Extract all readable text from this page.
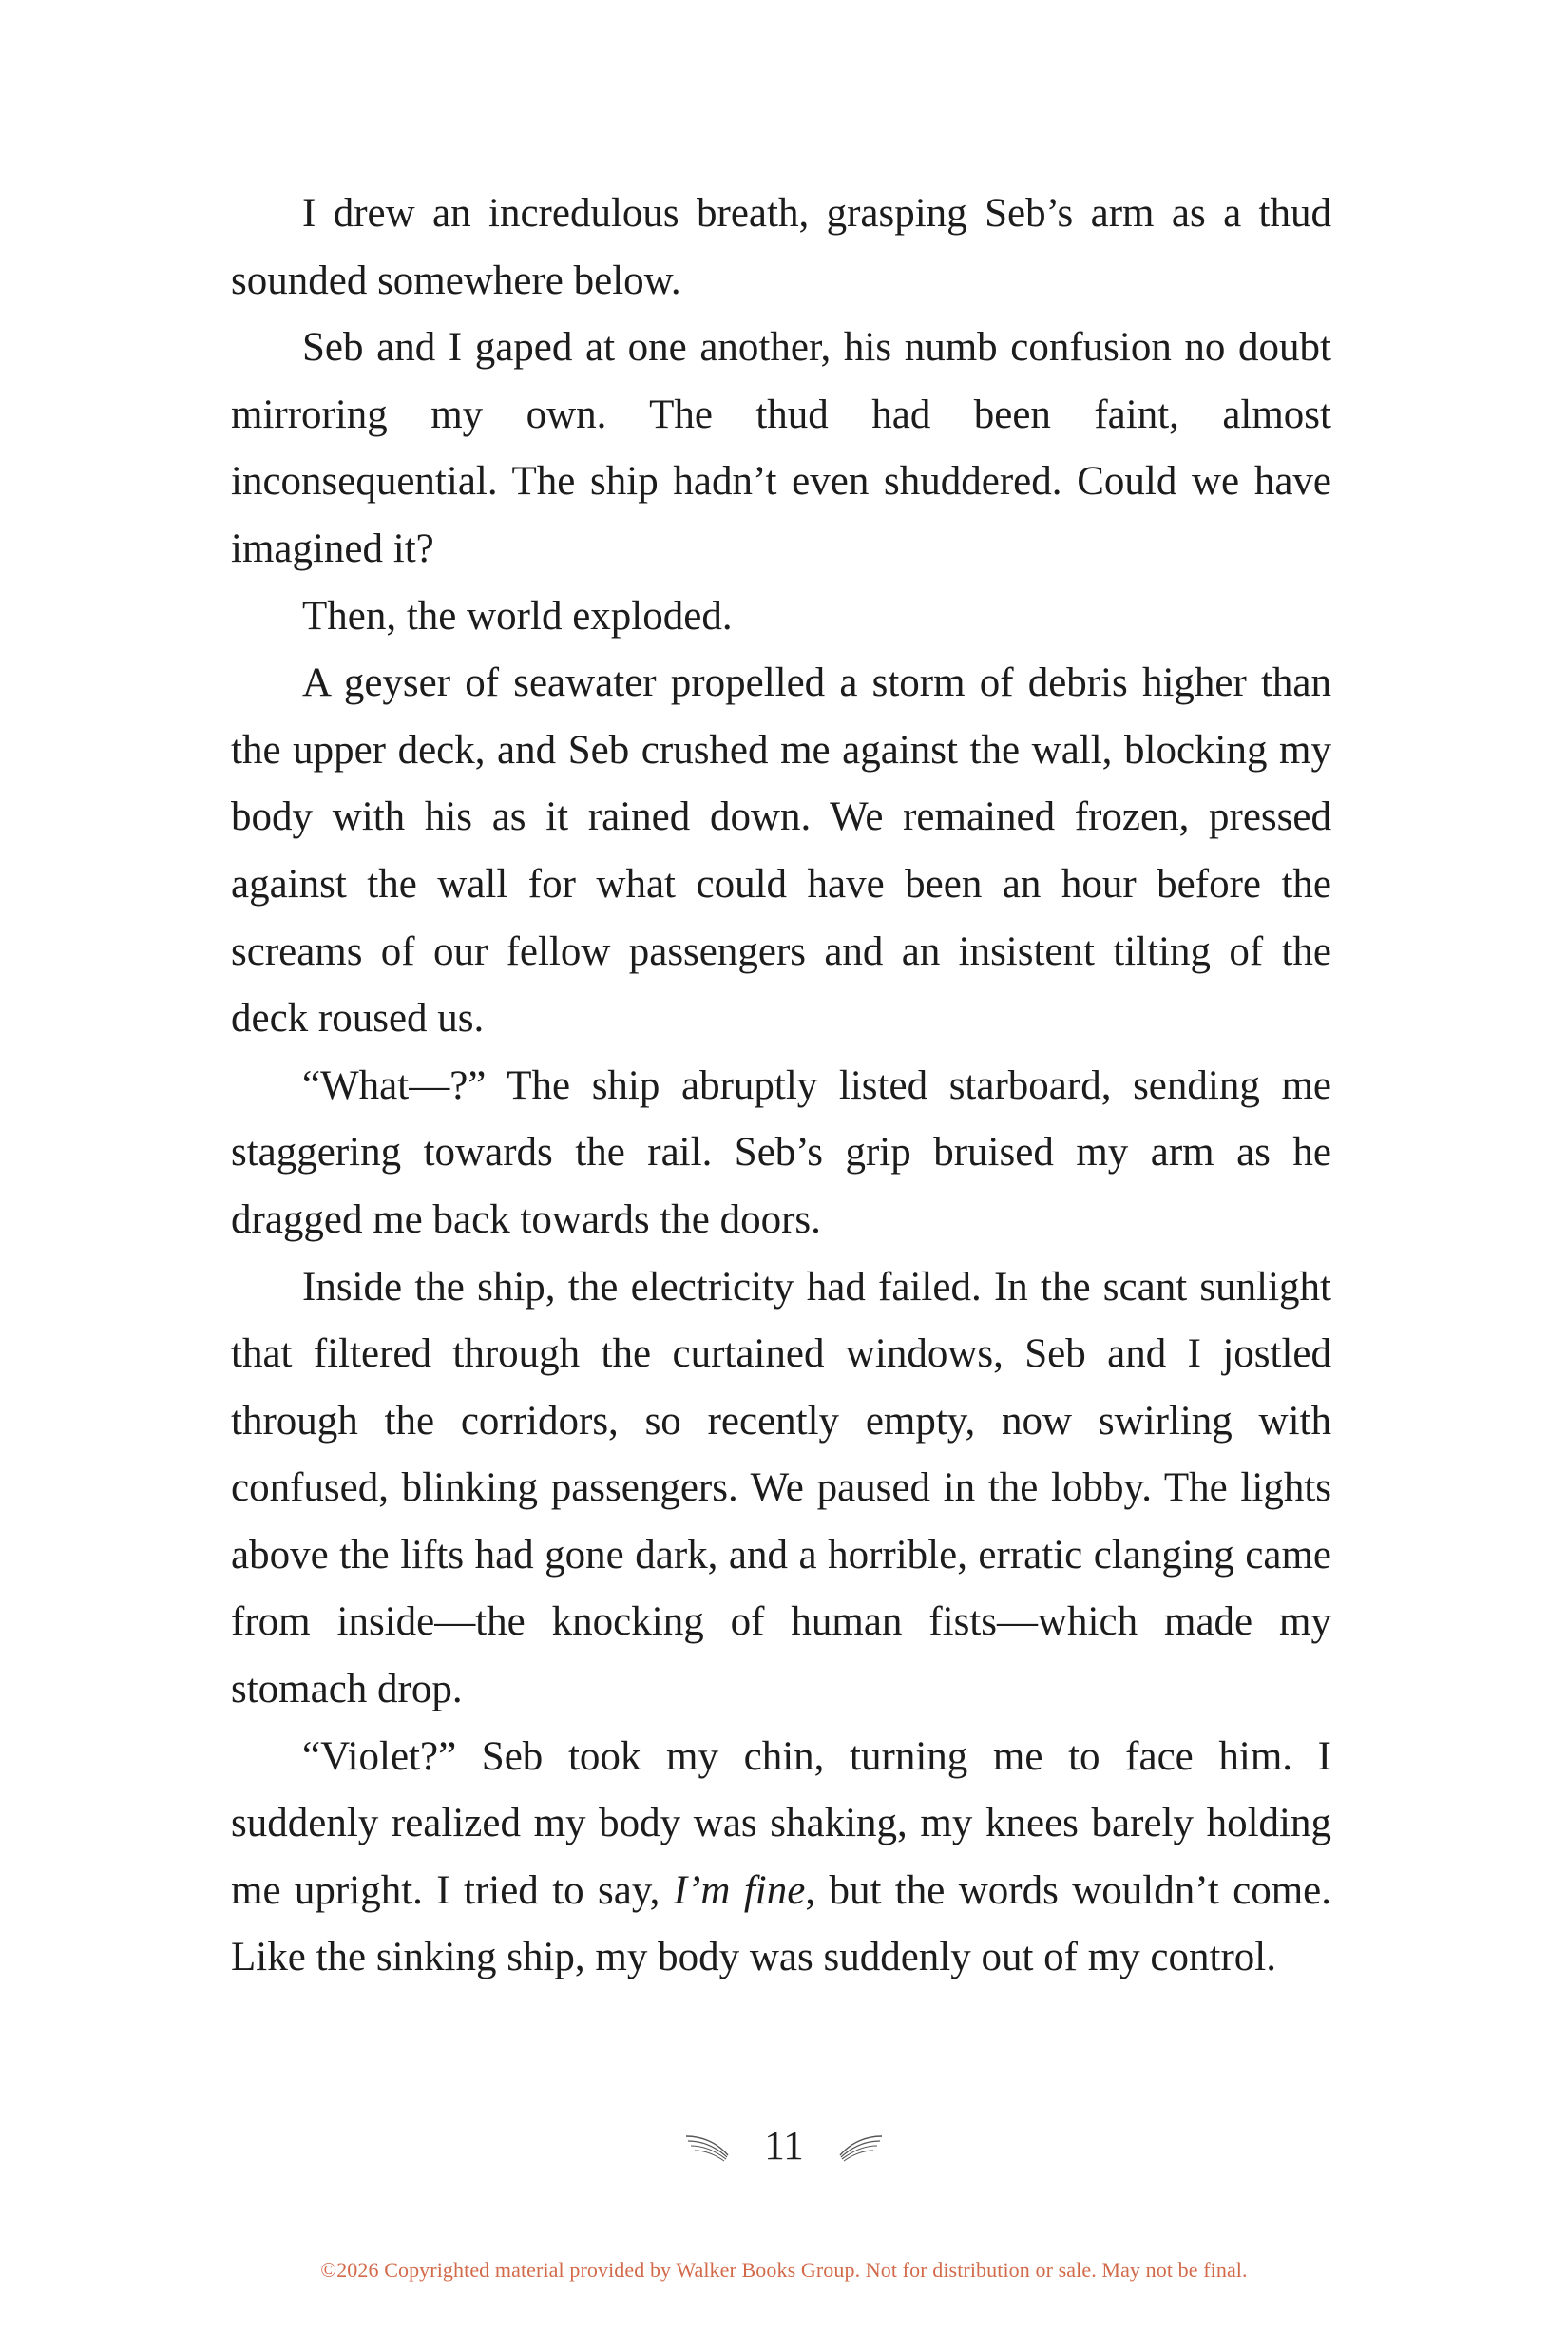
I drew an incredulous breath, grasping Seb’s arm as a thud sounded somewhere below.

Seb and I gaped at one another, his numb confusion no doubt mirroring my own. The thud had been faint, almost inconsequential. The ship hadn’t even shuddered. Could we have imagined it?

Then, the world exploded.

A geyser of seawater propelled a storm of debris higher than the upper deck, and Seb crushed me against the wall, blocking my body with his as it rained down. We remained frozen, pressed against the wall for what could have been an hour before the screams of our fellow passengers and an insistent tilting of the deck roused us.

“What—?” The ship abruptly listed starboard, sending me staggering towards the rail. Seb’s grip bruised my arm as he dragged me back towards the doors.

Inside the ship, the electricity had failed. In the scant sunlight that filtered through the curtained windows, Seb and I jostled through the corridors, so recently empty, now swirling with confused, blinking passengers. We paused in the lobby. The lights above the lifts had gone dark, and a horrible, erratic clanging came from inside—the knocking of human fists—which made my stomach drop.

“Violet?” Seb took my chin, turning me to face him. I suddenly realized my body was shaking, my knees barely holding me upright. I tried to say, I’m fine, but the words wouldn’t come. Like the sinking ship, my body was suddenly out of my control.

11
©2026 Copyrighted material provided by Walker Books Group. Not for distribution or sale. May not be final.
